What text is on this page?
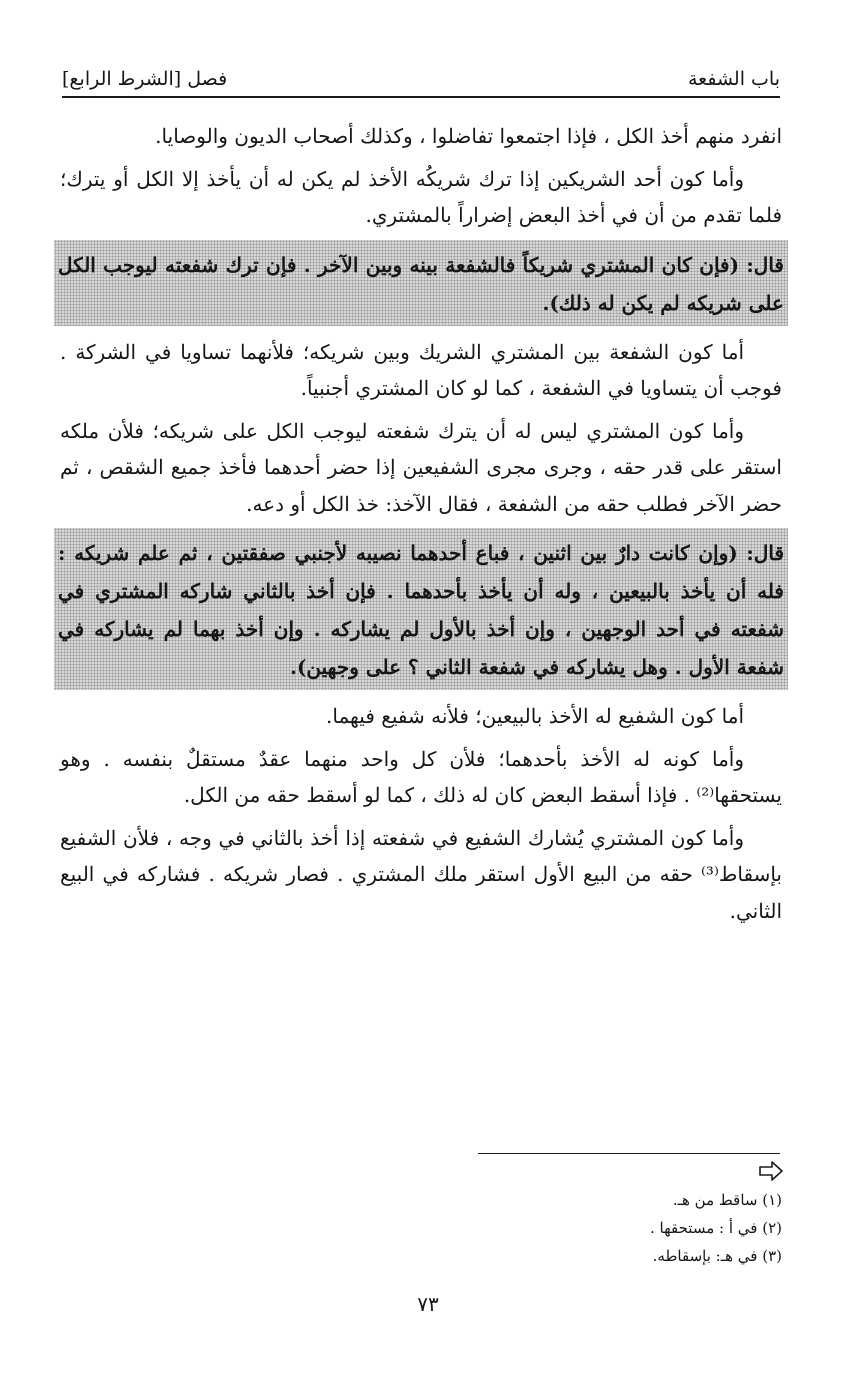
باب الشفعة
فصل [الشرط الرابع]

انفرد منهم أخذ الكل ، فإذا اجتمعوا تفاضلوا ، وكذلك أصحاب الديون والوصايا.

وأما كون أحد الشريكين إذا ترك شريكُه الأخذ لم يكن له أن يأخذ إلا الكل أو يترك؛ فلما تقدم من أن في أخذ البعض إضراراً بالمشتري.

قال: (فإن كان المشتري شريكاً فالشفعة بينه وبين الآخر . فإن ترك شفعته ليوجب الكل على شريكه لم يكن له ذلك).

أما كون الشفعة بين المشتري الشريك وبين شريكه؛ فلأنهما تساويا في الشركة . فوجب أن يتساويا في الشفعة ، كما لو كان المشتري أجنبياً.

وأما كون المشتري ليس له أن يترك شفعته ليوجب الكل على شريكه؛ فلأن ملكه استقر على قدر حقه ، وجرى مجرى الشفيعين إذا حضر أحدهما فأخذ جميع الشقص ، ثم حضر الآخر فطلب حقه من الشفعة ، فقال الآخذ: خذ الكل أو دعه.

قال: (وإن كانت دارٌ بين اثنين ، فباع أحدهما نصيبه لأجنبي صفقتين ، ثم علم شريكه : فله أن يأخذ بالبيعين ، وله أن يأخذ بأحدهما . فإن أخذ بالثاني شاركه المشتري في شفعته في أحد الوجهين ، وإن أخذ بالأول لم يشاركه . وإن أخذ بهما لم يشاركه في شفعة الأول . وهل يشاركه في شفعة الثاني ؟ على وجهين).

أما كون الشفيع له الأخذ بالبيعين؛ فلأنه شفيع فيهما.

وأما كونه له الأخذ بأحدهما؛ فلأن كل واحد منهما عقدٌ مستقلٌ بنفسه . وهو يستحقها⁽²⁾ . فإذا أسقط البعض كان له ذلك ، كما لو أسقط حقه من الكل.

وأما كون المشتري يُشارك الشفيع في شفعته إذا أخذ بالثاني في وجه ، فلأن الشفيع بإسقاط⁽³⁾ حقه من البيع الأول استقر ملك المشتري . فصار شريكه . فشاركه في البيع الثاني.

(١) ساقط من هـ.
(٢) في أ : مستحقها .
(٣) في هـ: بإسقاطه.
٧٣
